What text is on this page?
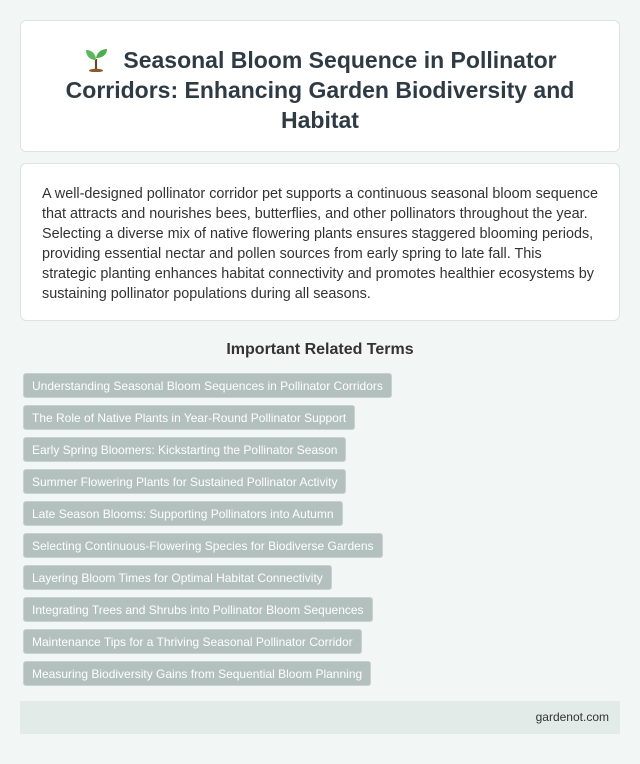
Seasonal Bloom Sequence in Pollinator Corridors: Enhancing Garden Biodiversity and Habitat

A well-designed pollinator corridor pet supports a continuous seasonal bloom sequence that attracts and nourishes bees, butterflies, and other pollinators throughout the year. Selecting a diverse mix of native flowering plants ensures staggered blooming periods, providing essential nectar and pollen sources from early spring to late fall. This strategic planting enhances habitat connectivity and promotes healthier ecosystems by sustaining pollinator populations during all seasons.

Important Related Terms
Understanding Seasonal Bloom Sequences in Pollinator Corridors
The Role of Native Plants in Year-Round Pollinator Support
Early Spring Bloomers: Kickstarting the Pollinator Season
Summer Flowering Plants for Sustained Pollinator Activity
Late Season Blooms: Supporting Pollinators into Autumn
Selecting Continuous-Flowering Species for Biodiverse Gardens
Layering Bloom Times for Optimal Habitat Connectivity
Integrating Trees and Shrubs into Pollinator Bloom Sequences
Maintenance Tips for a Thriving Seasonal Pollinator Corridor
Measuring Biodiversity Gains from Sequential Bloom Planning
gardenot.com
